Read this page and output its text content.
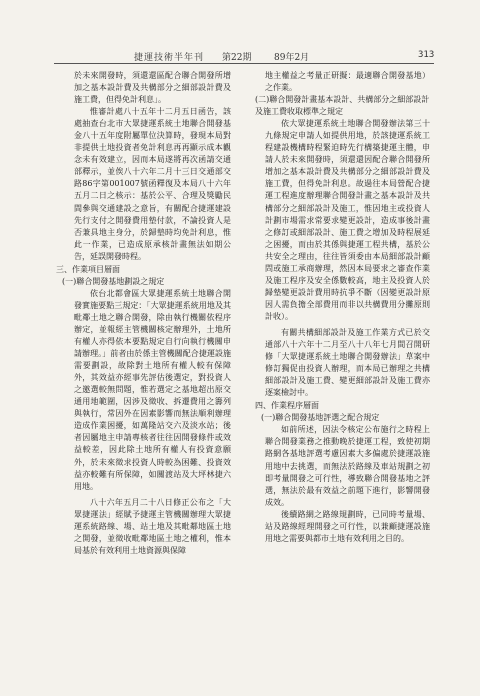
捷運技術半年刊 第22期	89年2月	313

於未來開發時，須還還區配合聯合開發所增加之基本設計費及共構部分之細部設計費及施工費，但得免計利息」。

惟審計處八十五年十二月五日函告，該處抽查台北市大眾捷運系統土地聯合開發基金八十五年度附屬單位決算時，發現本局對非提供土地投資者免計利息再再顯示成本觀念未有效建立，因而本局遂將再次函請交通部釋示，並俟八十六年二月十三日交通部交路86字第001007號函釋復及本局八十六年五月二日之核示：基於公平、合理及獎勵民間參與交通建設之意旨，有關配合捷運建設先行支付之開發費用墊付款，不論投資人是否兼具地主身分，於歸墊時均免計利息，惟此一作業，已造成原承核計畫無法如期公告，延誤開發時程。

三、作業項目層面

(一)聯合開發基地劃設之規定

依台北都會區大眾捷運系統土地聯合開發實施要點三規定：「大眾捷運系統用地及其毗鄰土地之聯合開發，除由執行機關依程序辦定，並報經主管機關核定辦理外，土地所有權人亦得依本要點規定自行向執行機關申請辦理。」前者由於係主管機關配合捷運設施需要劃設，故除對土地所有權人較有保障外，其效益亦經事先評估後選定，對投資人之邀選較無問題，惟若選定之基地超出原交通用地範圍，因涉及徵收、拆遷費用之籌列與執行，常因外在因素影響而無法順利辦理造成作業困擾，如萬隆站交六及淡水站；後者因屬地主申請專核者往往因開發條件或效益較差，因此除土地所有權人有投資意願外，於未來徵求投資人時較為困難、投資效益亦較難有所保障，如關渡站及大坪林捷六用地。

八十六年五月二十八日修正公布之「大眾捷運法」經賦予捷運主管機關辦理大眾捷運系統路線、場、站土地及其毗鄰地區土地之開發，並徵收毗鄰地區土地之權利，惟本局基於有效利用土地資源與保障

地主權益之考量正研擬：最適聯合開發基地）之作業。

(二)聯合開發計畫基本設計、共構部分之細部設計及施工費收取標準之規定

依大眾捷運系統土地聯合開發辦法第三十九條規定申請人如提供用地，於該捷運系統工程建設機構時程緊迫時先行構築捷運主體，申請人於未來開發時，須還還因配合聯合開發所增加之基本設計費及共構部分之細部設計費及施工費，但得免計利息。故過往本局營配合捷運工程進度辦理聯合開發計畫之基本設計及共構部分之細部設計及施工，惟因地主或投資人計劃市場需求常要求變更設計，造成事後計畫之修訂或細部設計、施工費之增加及時程展延之困擾，而由於其係與捷運工程共構，基於公共安全之理由，往往皆須委由本局細部設計顧問或施工承商辦理，然因本局要求之審查作業及施工程序及安全係數較高，地主及投資人於歸墊變更設計費用時抗爭不斷（因變更設計原因人需負擔全部費用而非以共構費用分攤原則計收）。

有關共構細部設計及施工作業方式已於交通部八十六年十二月至八十八年七月間召開研修「大眾捷運系統土地聯合開發辦法」草案中修訂獨促由投資人辦理，而本局已辦理之共構細部設計及施工費、變更細部設計及施工費亦逐案檢討中。

四、作業程序層面

(一)聯合開發基地評選之配合規定

如前所述，因法令核定公布施行之時程上聯合開發業務之推動晚於捷運工程，致使初期路網各基地評選考慮因素大多偏處於捷運設施用地中去挑選，而無法於路線及車站規劃之初即考量開發之可行性，導致聯合開發基地之評選，無法於最有效益之前題下進行，影響開發成效。

後續路網之路線規劃時，已同時考量場、站及路線經理開發之可行性，以兼顧捷運設施用地之需要與都市土地有效利用之目的。
